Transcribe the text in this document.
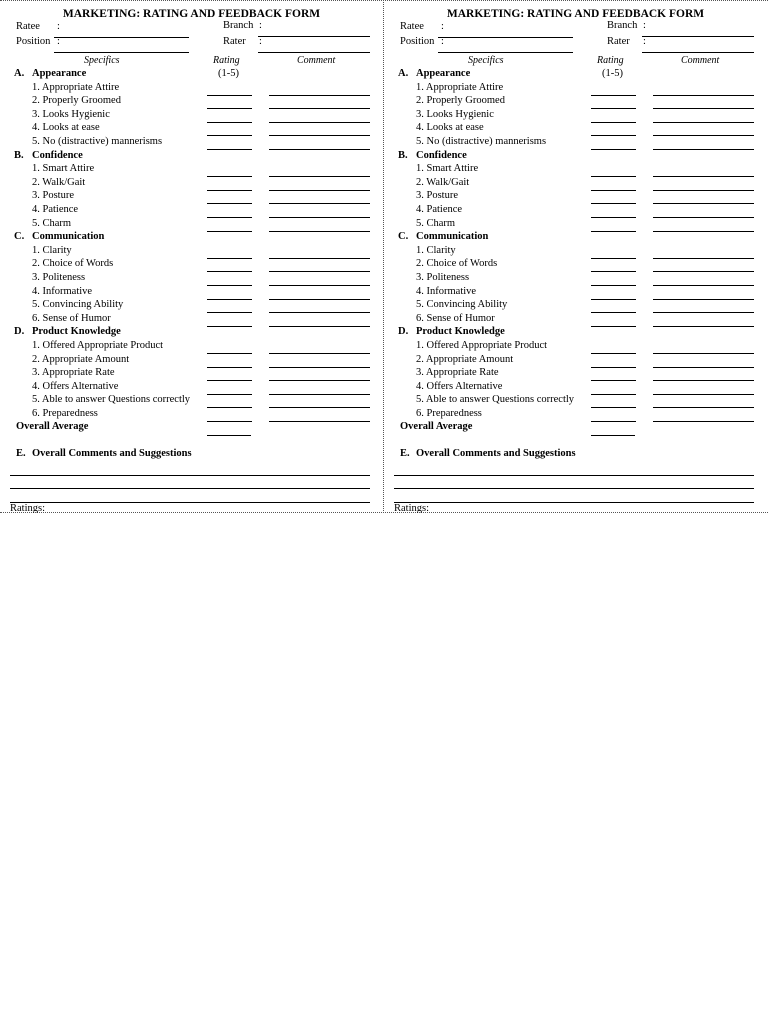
MARKETING: RATING AND FEEDBACK FORM
Ratee :
Position :
Branch :
Rater :
Specifics	Rating
(1-5)
Comment
A. Appearance
1. Appropriate Attire
2. Properly Groomed
3. Looks Hygienic
4. Looks at ease
5. No (distractive) mannerisms
B. Confidence
1. Smart Attire
2. Walk/Gait
3. Posture
4. Patience
5. Charm
C. Communication
1. Clarity
2. Choice of Words
3. Politeness
4. Informative
5. Convincing Ability
6. Sense of Humor
D. Product Knowledge
1. Offered Appropriate Product
2. Appropriate Amount
3. Appropriate Rate
4. Offers Alternative
5. Able to answer Questions correctly
6. Preparedness
Overall Average
E. Overall Comments and Suggestions
Ratings:
MARKETING: RATING AND FEEDBACK FORM
Ratee :
Position :
Branch :
Rater :
Specifics	Rating
(1-5)
Comment
A. Appearance
1. Appropriate Attire
2. Properly Groomed
3. Looks Hygienic
4. Looks at ease
5. No (distractive) mannerisms
B. Confidence
1. Smart Attire
2. Walk/Gait
3. Posture
4. Patience
5. Charm
C. Communication
1. Clarity
2. Choice of Words
3. Politeness
4. Informative
5. Convincing Ability
6. Sense of Humor
D. Product Knowledge
1. Offered Appropriate Product
2. Appropriate Amount
3. Appropriate Rate
4. Offers Alternative
5. Able to answer Questions correctly
6. Preparedness
Overall Average
E. Overall Comments and Suggestions
Ratings:
